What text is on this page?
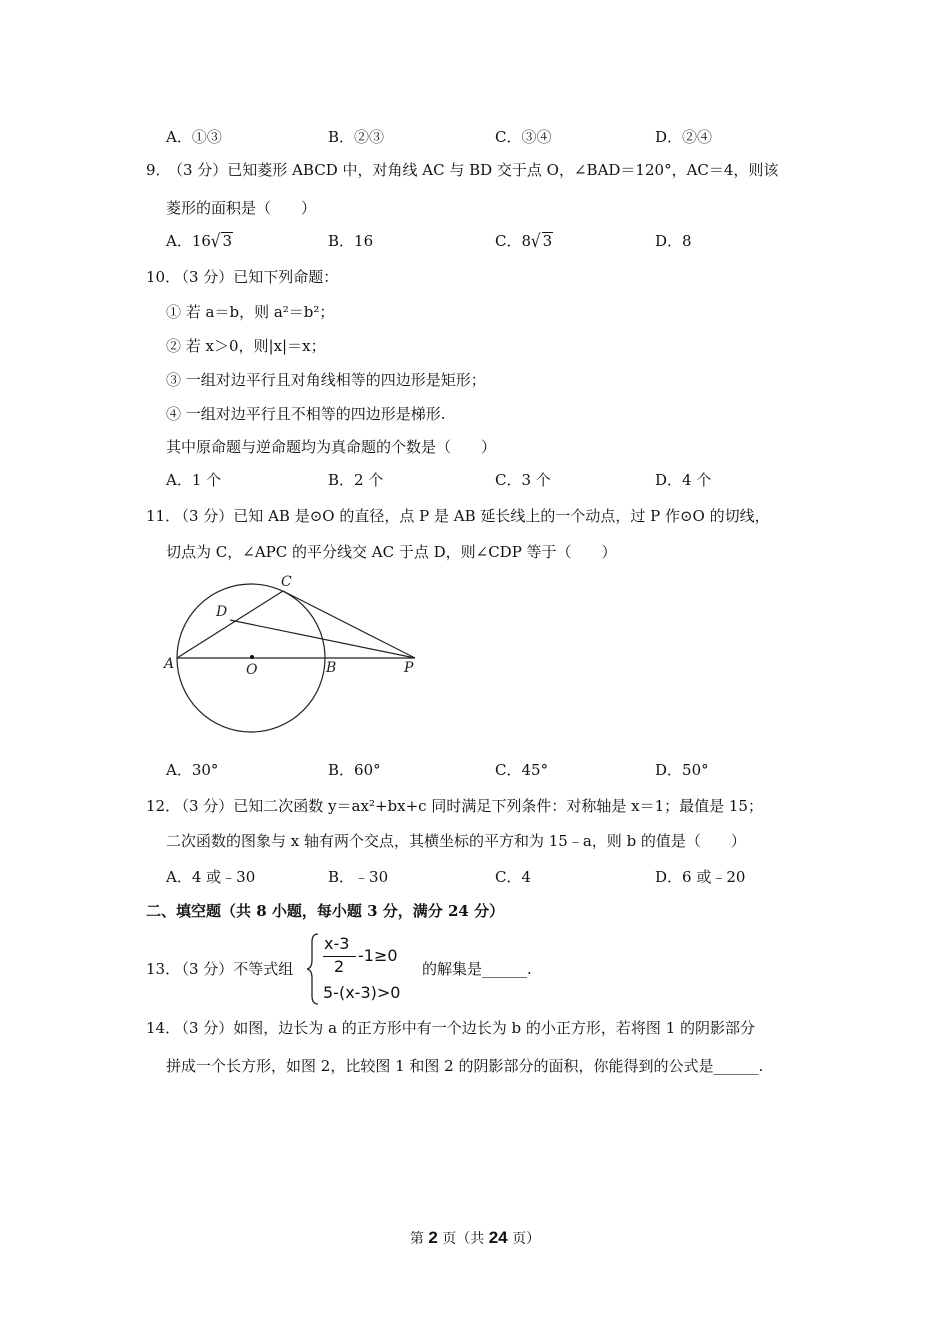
A．①③	B．②③	C．③④	D．②④
9．
（3 分）已知菱形 ABCD 中，对角线 AC 与 BD 交于点 O，∠BAD＝120°，AC＝4，则该
菱形的面积是（　　）
A．16√ 3	B．16	C．8√ 3	D．8
10．
（3 分）已知下列命题：
① 若 a＝b，则 a²＝b²；
② 若 x＞0，则|x|＝x；
③ 一组对边平行且对角线相等的四边形是矩形；
④ 一组对边平行且不相等的四边形是梯形.
其中原命题与逆命题均为真命题的个数是（　　）
A．1 个	B．2 个	C．3 个	D．4 个
11．
（3 分）已知 AB 是⊙O 的直径，点 P 是 AB 延长线上的一个动点，过 P 作⊙O 的切线，
切点为 C，∠APC 的平分线交 AC 于点 D，则∠CDP 等于（　　）
C
D
A	O	B	P
A．30°	B．60°	C．45°	D．50°
12．
（3 分）已知二次函数 y＝ax²+bx+c 同时满足下列条件：对称轴是 x＝1；最值是 15；
二次函数的图象与 x 轴有两个交点，其横坐标的平方和为 15﹣a，则 b 的值是（　　）
A．4 或﹣30	B．﹣30	C．4	D．6 或﹣20
二、填空题（共 8 小题，每小题 3 分，满分 24 分）
13．
（3 分）不等式组
x-3
2
-1≥0
5-(x-3)>0
的解集是______.
14．
（3 分）如图，边长为 a 的正方形中有一个边长为 b 的小正方形，若将图 1 的阴影部分
拼成一个长方形，如图 2，比较图 1 和图 2 的阴影部分的面积，你能得到的公式是______.
第 2 页（共 24 页）
